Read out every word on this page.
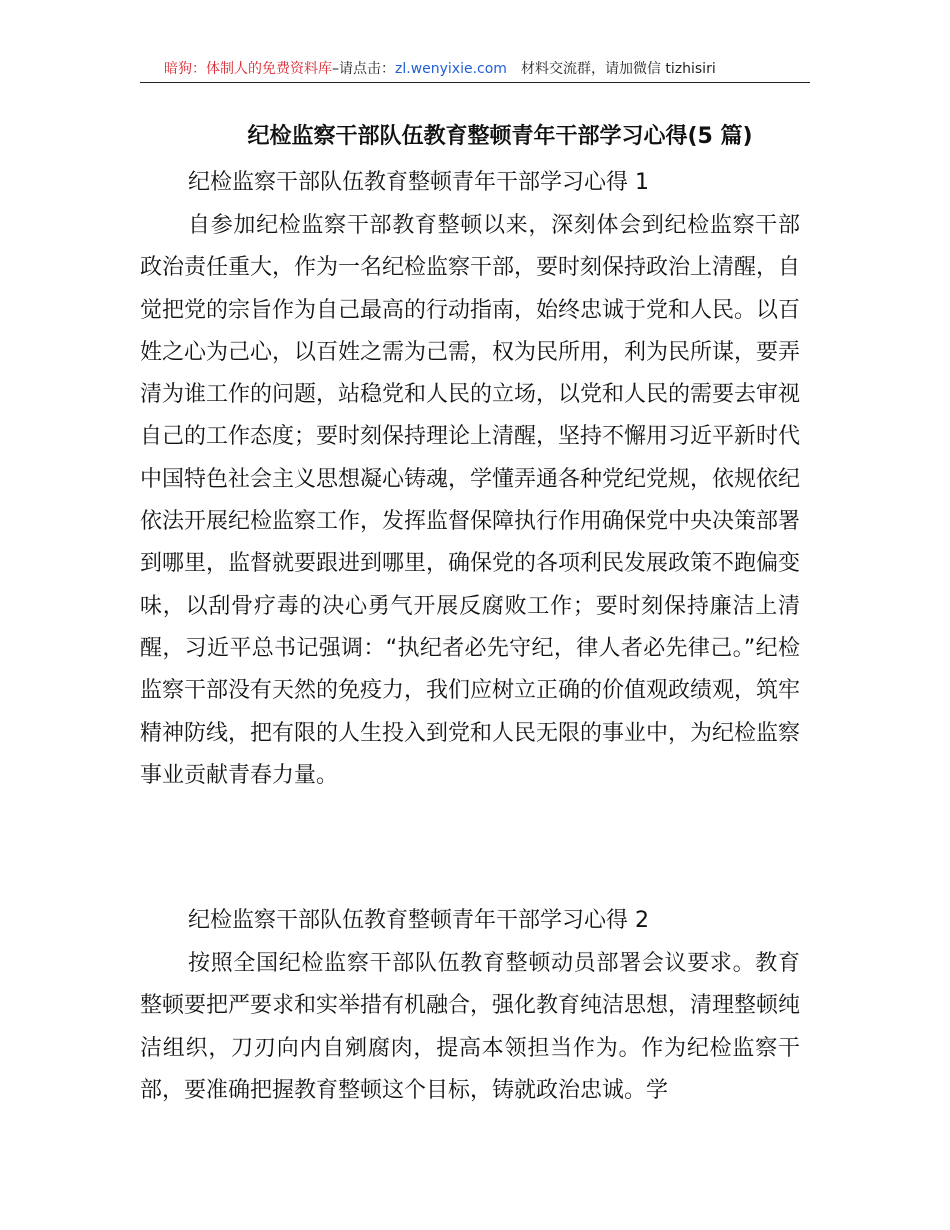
暗狗：体制人的免费资料库–请点击：zl.wenyixie.com 材料交流群，请加微信 tizhisiri
纪检监察干部队伍教育整顿青年干部学习心得(5 篇)
纪检监察干部队伍教育整顿青年干部学习心得 1

自参加纪检监察干部教育整顿以来，深刻体会到纪检监察干部政治责任重大，作为一名纪检监察干部，要时刻保持政治上清醒，自觉把党的宗旨作为自己最高的行动指南，始终忠诚于党和人民。以百姓之心为己心，以百姓之需为己需，权为民所用，利为民所谋，要弄清为谁工作的问题，站稳党和人民的立场，以党和人民的需要去审视自己的工作态度；要时刻保持理论上清醒，坚持不懈用习近平新时代中国特色社会主义思想凝心铸魂，学懂弄通各种党纪党规，依规依纪依法开展纪检监察工作，发挥监督保障执行作用确保党中央决策部署到哪里，监督就要跟进到哪里，确保党的各项利民发展政策不跑偏变味，以刮骨疗毒的决心勇气开展反腐败工作；要时刻保持廉洁上清醒，习近平总书记强调：“执纪者必先守纪，律人者必先律己。”纪检监察干部没有天然的免疫力，我们应树立正确的价值观政绩观，筑牢精神防线，把有限的人生投入到党和人民无限的事业中，为纪检监察事业贡献青春力量。

纪检监察干部队伍教育整顿青年干部学习心得 2

按照全国纪检监察干部队伍教育整顿动员部署会议要求。教育整顿要把严要求和实举措有机融合，强化教育纯洁思想，清理整顿纯洁组织，刀刃向内自剜腐肉，提高本领担当作为。作为纪检监察干部，要准确把握教育整顿这个目标，铸就政治忠诚。学
